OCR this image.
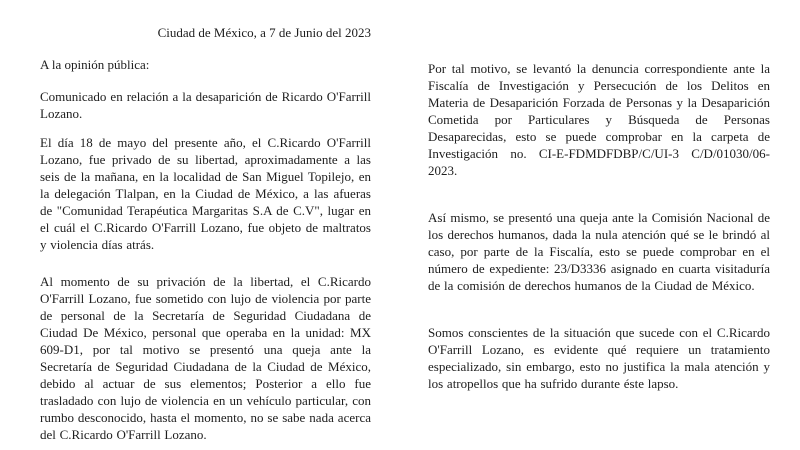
Ciudad de México, a 7 de Junio del 2023
A la opinión pública:

Comunicado en relación a la desaparición de Ricardo O'Farrill Lozano.

El día 18 de mayo del presente año, el C.Ricardo O'Farrill Lozano, fue privado de su libertad, aproximadamente a las seis de la mañana, en la localidad de San Miguel Topilejo, en la delegación Tlalpan, en la Ciudad de México, a las afueras de "Comunidad Terapéutica Margaritas S.A de C.V", lugar en el cuál el C.Ricardo O'Farrill Lozano, fue objeto de maltratos y violencia días atrás.

Al momento de su privación de la libertad, el C.Ricardo O'Farrill Lozano, fue sometido con lujo de violencia por parte de personal de la Secretaría de Seguridad Ciudadana de Ciudad De México, personal que operaba en la unidad: MX 609-D1, por tal motivo se presentó una queja ante la Secretaría de Seguridad Ciudadana de la Ciudad de México, debido al actuar de sus elementos; Posterior a ello fue trasladado con lujo de violencia en un vehículo particular, con rumbo desconocido, hasta el momento, no se sabe nada acerca del C.Ricardo O'Farrill Lozano.

Por tal motivo, se levantó la denuncia correspondiente ante la Fiscalía de Investigación y Persecución de los Delitos en Materia de Desaparición Forzada de Personas y la Desaparición Cometida por Particulares y Búsqueda de Personas Desaparecidas, esto se puede comprobar en la carpeta de Investigación no. CI-E-FDMDFDBP/C/UI-3 C/D/01030/06-2023.

Así mismo, se presentó una queja ante la Comisión Nacional de los derechos humanos, dada la nula atención qué se le brindó al caso, por parte de la Fiscalía, esto se puede comprobar en el número de expediente: 23/D3336 asignado en cuarta visitaduría de la comisión de derechos humanos de la Ciudad de México.

Somos conscientes de la situación que sucede con el C.Ricardo O'Farrill Lozano, es evidente qué requiere un tratamiento especializado, sin embargo, esto no justifica la mala atención y los atropellos que ha sufrido durante éste lapso.
